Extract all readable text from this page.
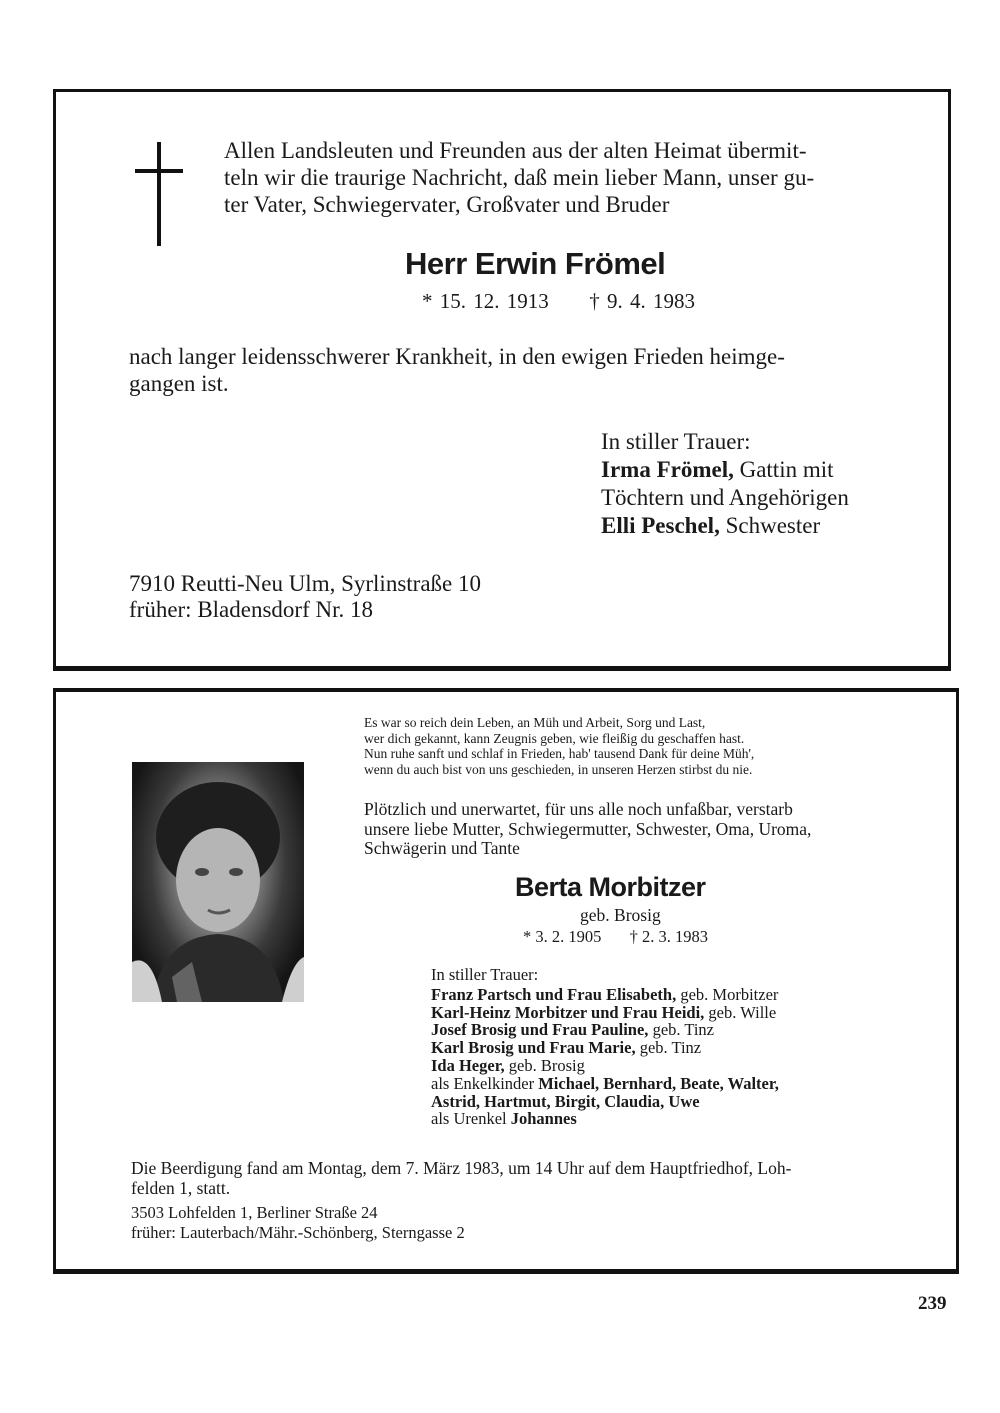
Allen Landsleuten und Freunden aus der alten Heimat übermit-
teln wir die traurige Nachricht, daß mein lieber Mann, unser gu-
ter Vater, Schwiegervater, Großvater und Bruder
Herr Erwin Frömel
* 15. 12. 1913 † 9. 4. 1983
nach langer leidensschwerer Krankheit, in den ewigen Frieden heimge-
gangen ist.
In stiller Trauer:
Irma Frömel, Gattin mit
Töchtern und Angehörigen
Elli Peschel, Schwester
7910 Reutti-Neu Ulm, Syrlinstraße 10
früher: Bladensdorf Nr. 18
Es war so reich dein Leben, an Müh und Arbeit, Sorg und Last,
wer dich gekannt, kann Zeugnis geben, wie fleißig du geschaffen hast.
Nun ruhe sanft und schlaf in Frieden, hab' tausend Dank für deine Müh',
wenn du auch bist von uns geschieden, in unseren Herzen stirbst du nie.
Plötzlich und unerwartet, für uns alle noch unfaßbar, verstarb
unsere liebe Mutter, Schwiegermutter, Schwester, Oma, Uroma,
Schwägerin und Tante
Berta Morbitzer
geb. Brosig
* 3. 2. 1905 † 2. 3. 1983
In stiller Trauer:
Franz Partsch und Frau Elisabeth, geb. Morbitzer
Karl-Heinz Morbitzer und Frau Heidi, geb. Wille
Josef Brosig und Frau Pauline, geb. Tinz
Karl Brosig und Frau Marie, geb. Tinz
Ida Heger, geb. Brosig
als Enkelkinder Michael, Bernhard, Beate, Walter,
Astrid, Hartmut, Birgit, Claudia, Uwe
als Urenkel Johannes
Die Beerdigung fand am Montag, dem 7. März 1983, um 14 Uhr auf dem Hauptfriedhof, Loh-
felden 1, statt.
3503 Lohfelden 1, Berliner Straße 24
früher: Lauterbach/Mähr.-Schönberg, Sterngasse 2
239
